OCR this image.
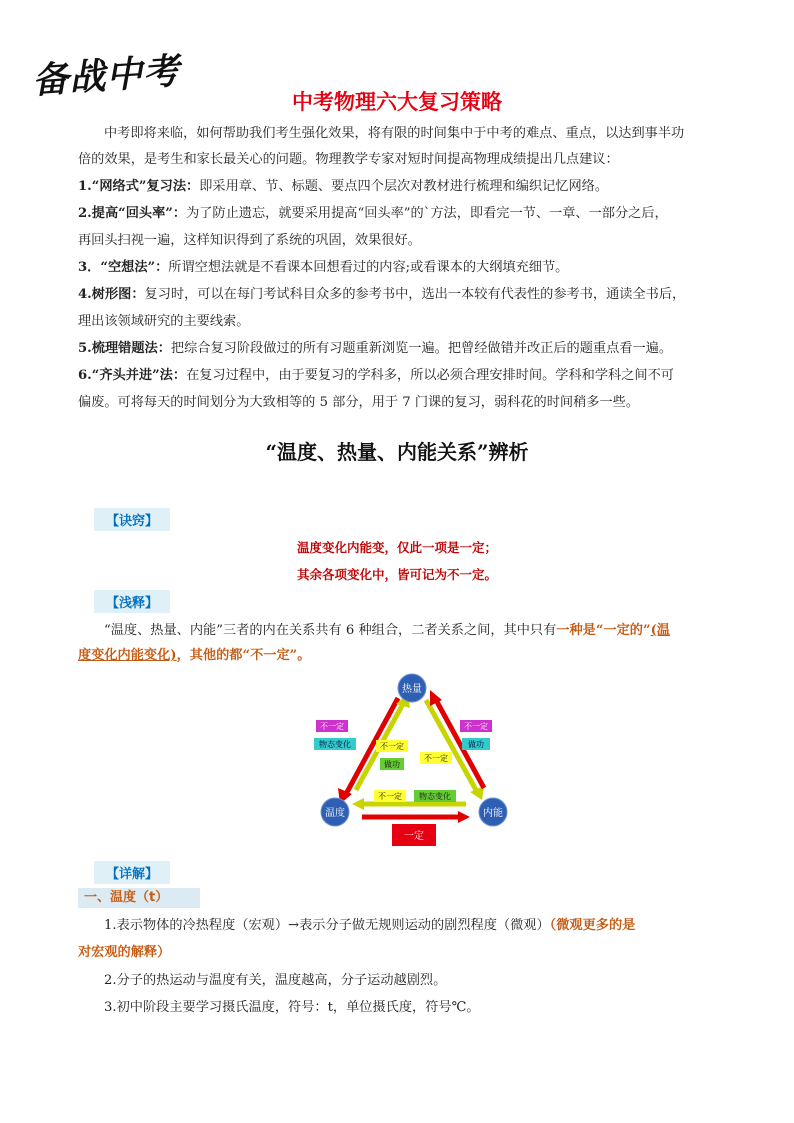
备战中考	中考物理六大复习策略
中考即将来临，如何帮助我们考生强化效果，将有限的时间集中于中考的难点、重点，以达到事半功
倍的效果，是考生和家长最关心的问题。物理教学专家对短时间提高物理成绩提出几点建议：
1.“网络式”复习法：即采用章、节、标题、要点四个层次对教材进行梳理和编织记忆网络。
2.提高“回头率”：为了防止遗忘，就要采用提高“回头率”的`方法，即看完一节、一章、一部分之后，
再回头扫视一遍，这样知识得到了系统的巩固，效果很好。
3．“空想法”：所谓空想法就是不看课本回想看过的内容;或看课本的大纲填充细节。
4.树形图：复习时，可以在每门考试科目众多的参考书中，选出一本较有代表性的参考书，通读全书后，
理出该领域研究的主要线索。
5.梳理错题法：把综合复习阶段做过的所有习题重新浏览一遍。把曾经做错并改正后的题重点看一遍。
6.“齐头并进”法：在复习过程中，由于要复习的学科多，所以必须合理安排时间。学科和学科之间不可
偏废。可将每天的时间划分为大致相等的 5 部分，用于 7 门课的复习，弱科花的时间稍多一些。
“温度、热量、内能关系”辨析
【诀窍】
温度变化内能变，仅此一项是一定；
其余各项变化中，皆可记为不一定。
【浅释】
“温度、热量、内能”三者的内在关系共有 6 种组合，二者关系之间，其中只有一种是“一定的”(温
度变化内能变化)，其他的都“不一定”。
热量
温度	内能
不一定
物态变化
不一定
做功
不一定
做功
不一定
不一定 物态变化
一定
【详解】
一、温度（t）
1.表示物体的冷热程度（宏观）→表示分子做无规则运动的剧烈程度（微观）（微观更多的是
对宏观的解释）
2.分子的热运动与温度有关，温度越高，分子运动越剧烈。
3.初中阶段主要学习摄氏温度，符号：t，单位摄氏度，符号℃。
